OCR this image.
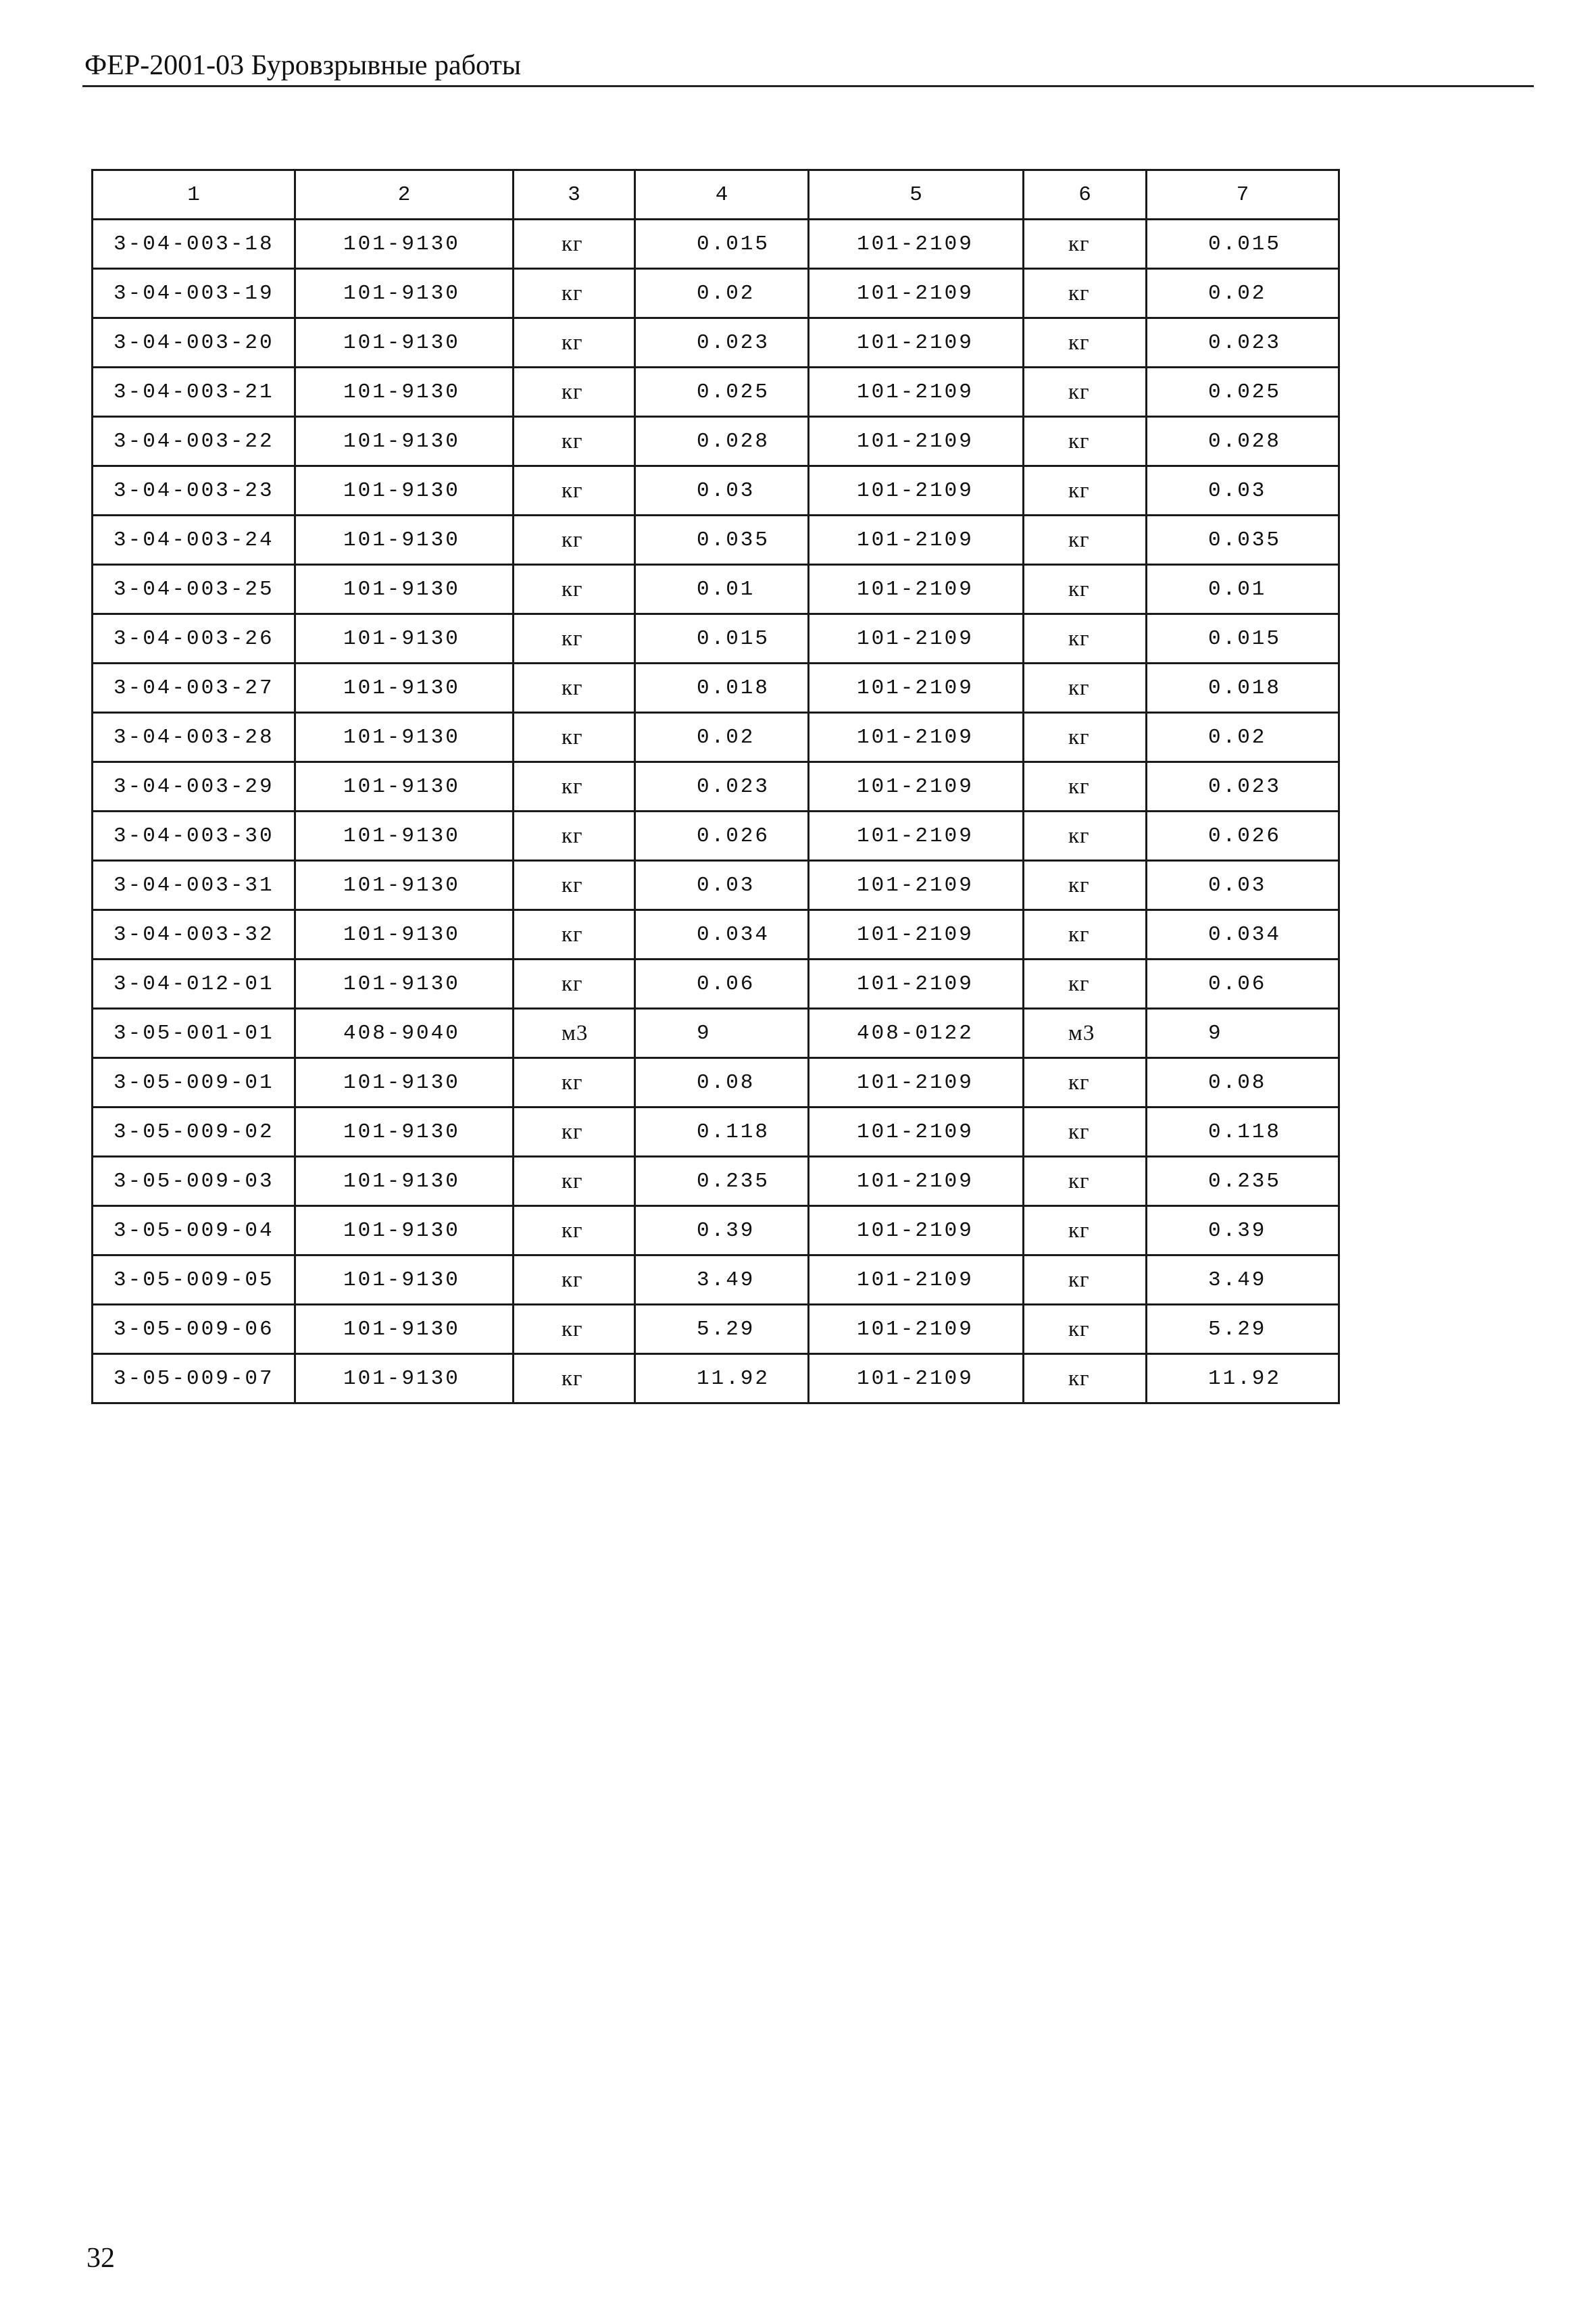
ФЕР-2001-03 Буровзрывные работы
1	2	3	4	5	6	7
3-04-003-18	101-9130	кг	0.015	101-2109	кг	0.015
3-04-003-19	101-9130	кг	0.02	101-2109	кг	0.02
3-04-003-20	101-9130	кг	0.023	101-2109	кг	0.023
3-04-003-21	101-9130	кг	0.025	101-2109	кг	0.025
3-04-003-22	101-9130	кг	0.028	101-2109	кг	0.028
3-04-003-23	101-9130	кг	0.03	101-2109	кг	0.03
3-04-003-24	101-9130	кг	0.035	101-2109	кг	0.035
3-04-003-25	101-9130	кг	0.01	101-2109	кг	0.01
3-04-003-26	101-9130	кг	0.015	101-2109	кг	0.015
3-04-003-27	101-9130	кг	0.018	101-2109	кг	0.018
3-04-003-28	101-9130	кг	0.02	101-2109	кг	0.02
3-04-003-29	101-9130	кг	0.023	101-2109	кг	0.023
3-04-003-30	101-9130	кг	0.026	101-2109	кг	0.026
3-04-003-31	101-9130	кг	0.03	101-2109	кг	0.03
3-04-003-32	101-9130	кг	0.034	101-2109	кг	0.034
3-04-012-01	101-9130	кг	0.06	101-2109	кг	0.06
3-05-001-01	408-9040	м3	9	408-0122	м3	9
3-05-009-01	101-9130	кг	0.08	101-2109	кг	0.08
3-05-009-02	101-9130	кг	0.118	101-2109	кг	0.118
3-05-009-03	101-9130	кг	0.235	101-2109	кг	0.235
3-05-009-04	101-9130	кг	0.39	101-2109	кг	0.39
3-05-009-05	101-9130	кг	3.49	101-2109	кг	3.49
3-05-009-06	101-9130	кг	5.29	101-2109	кг	5.29
3-05-009-07	101-9130	кг	11.92	101-2109	кг	11.92
32
